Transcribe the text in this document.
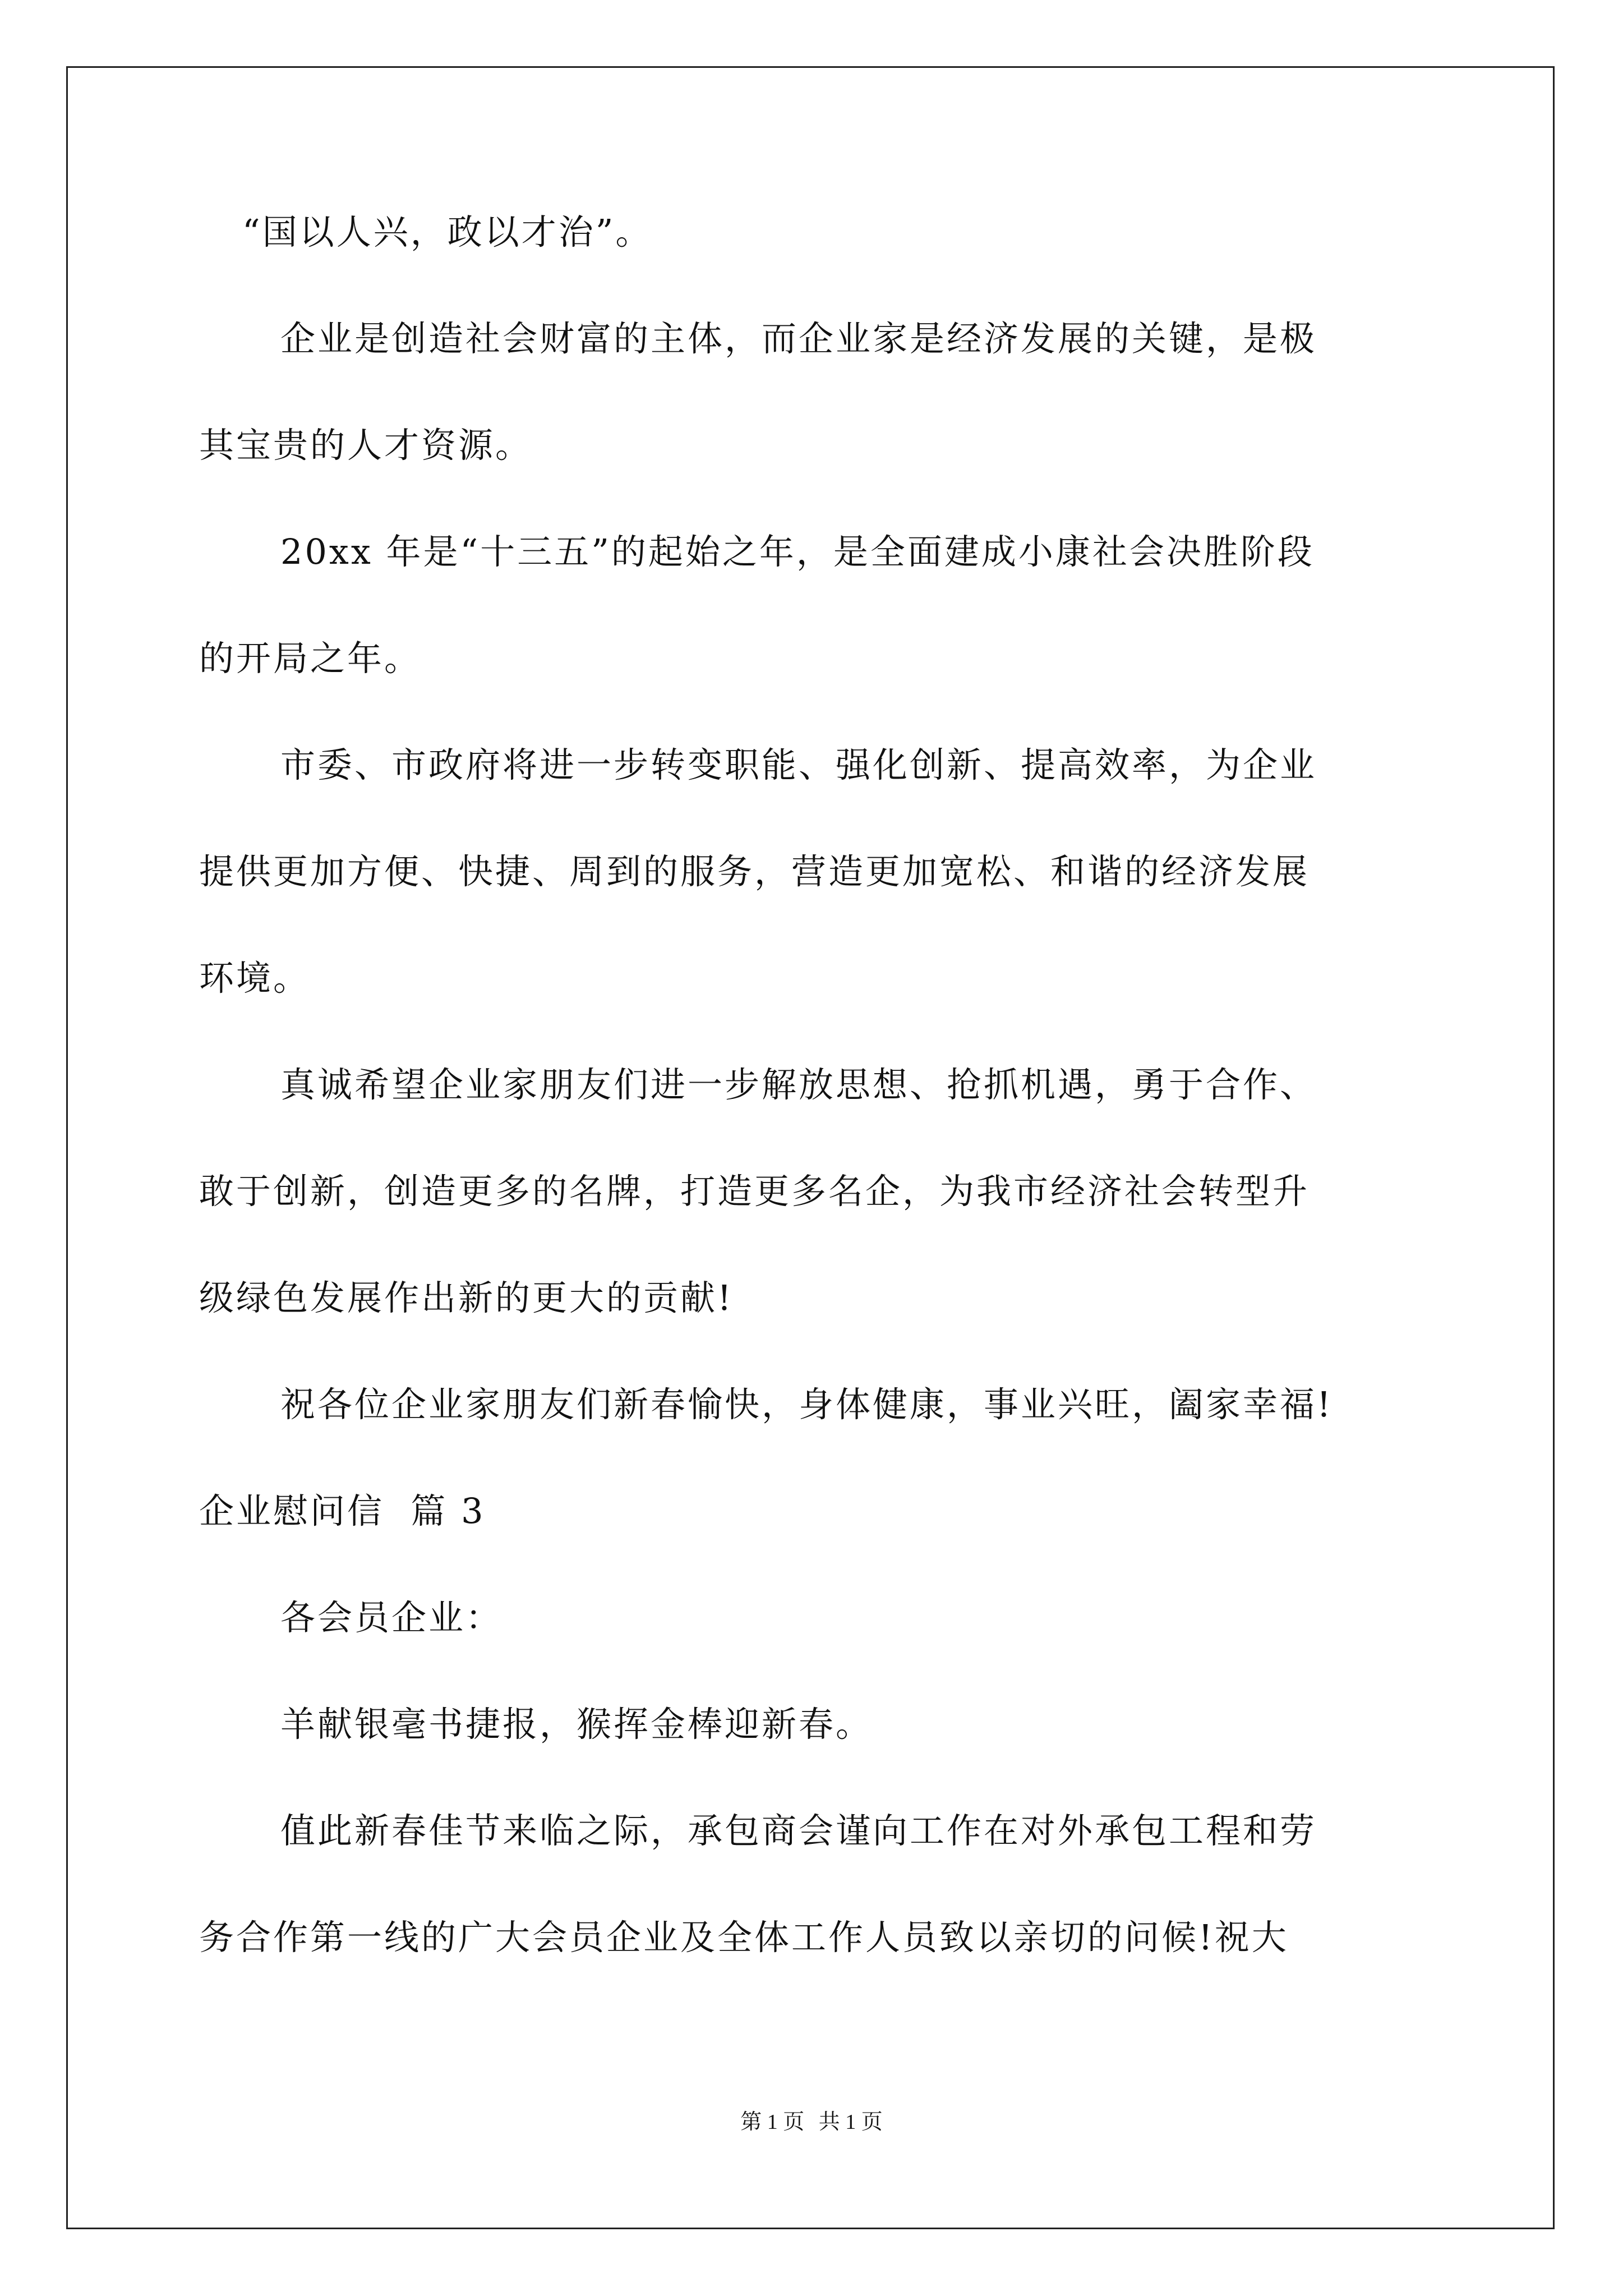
“国以人兴，政以才治”。
企业是创造社会财富的主体，而企业家是经济发展的关键，是极
其宝贵的人才资源。
20xx 年是“十三五”的起始之年，是全面建成小康社会决胜阶段
的开局之年。
市委、市政府将进一步转变职能、强化创新、提高效率，为企业
提供更加方便、快捷、周到的服务，营造更加宽松、和谐的经济发展
环境。
真诚希望企业家朋友们进一步解放思想、抢抓机遇，勇于合作、
敢于创新，创造更多的名牌，打造更多名企，为我市经济社会转型升
级绿色发展作出新的更大的贡献!
祝各位企业家朋友们新春愉快，身体健康，事业兴旺，阖家幸福!
企业慰问信  篇 3
各会员企业：
羊献银毫书捷报，猴挥金棒迎新春。
值此新春佳节来临之际，承包商会谨向工作在对外承包工程和劳
务合作第一线的广大会员企业及全体工作人员致以亲切的问候!祝大
第 1 页 共 1 页
